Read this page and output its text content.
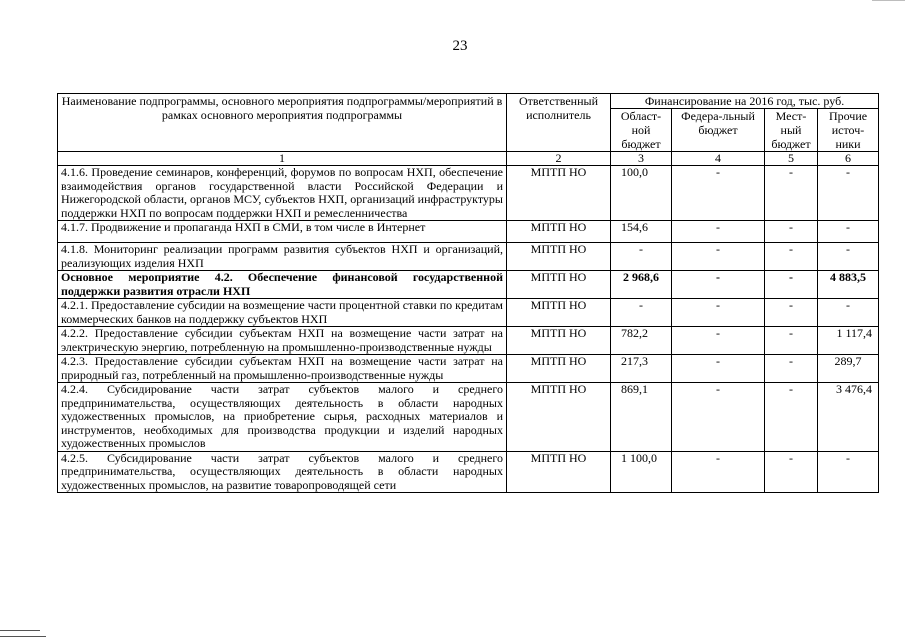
23
Наименование подпрограммы, основного мероприятия подпрограммы/мероприятий в рамках основного мероприятия подпрограммы	Ответственный исполнитель	Финансирование на 2016 год, тыс. руб.			
		Област-ной бюджет	Федера-льный бюджет	Мест-ный бюджет	Прочие источ-ники
1	2	3	4	5	6
4.1.6. Проведение семинаров, конференций, форумов по вопросам НХП, обеспечение взаимодействия органов государственной власти Российской Федерации и Нижегородской области, органов МСУ, субъектов НХП, организаций инфраструктуры поддержки НХП по вопросам поддержки НХП и ремесленничества	МПТП НО	100,0	-	-	-
4.1.7. Продвижение и пропаганда НХП в СМИ, в том числе в Интернет	МПТП НО	154,6	-	-	-
4.1.8. Мониторинг реализации программ развития субъектов НХП и организаций, реализующих изделия НХП	МПТП НО	-	-	-	-
Основное мероприятие 4.2. Обеспечение финансовой государственной поддержки развития отрасли НХП	МПТП НО	2 968,6	-	-	4 883,5
4.2.1. Предоставление субсидии на возмещение части процентной ставки по кредитам коммерческих банков на поддержку субъектов НХП	МПТП НО	-	-	-	-
4.2.2. Предоставление субсидии субъектам НХП на возмещение части затрат на электрическую энергию, потребленную на промышленно-производственные нужды	МПТП НО	782,2	-	-	1 117,4
4.2.3. Предоставление субсидии субъектам НХП на возмещение части затрат на природный газ, потребленный на промышленно-производственные нужды	МПТП НО	217,3	-	-	289,7
4.2.4. Субсидирование части затрат субъектов малого и среднего предпринимательства, осуществляющих деятельность в области народных художественных промыслов, на приобретение сырья, расходных материалов и инструментов, необходимых для производства продукции и изделий народных художественных промыслов	МПТП НО	869,1	-	-	3 476,4
4.2.5. Субсидирование части затрат субъектов малого и среднего предпринимательства, осуществляющих деятельность в области народных художественных промыслов, на развитие товаропроводящей сети	МПТП НО	1 100,0	-	-	-
